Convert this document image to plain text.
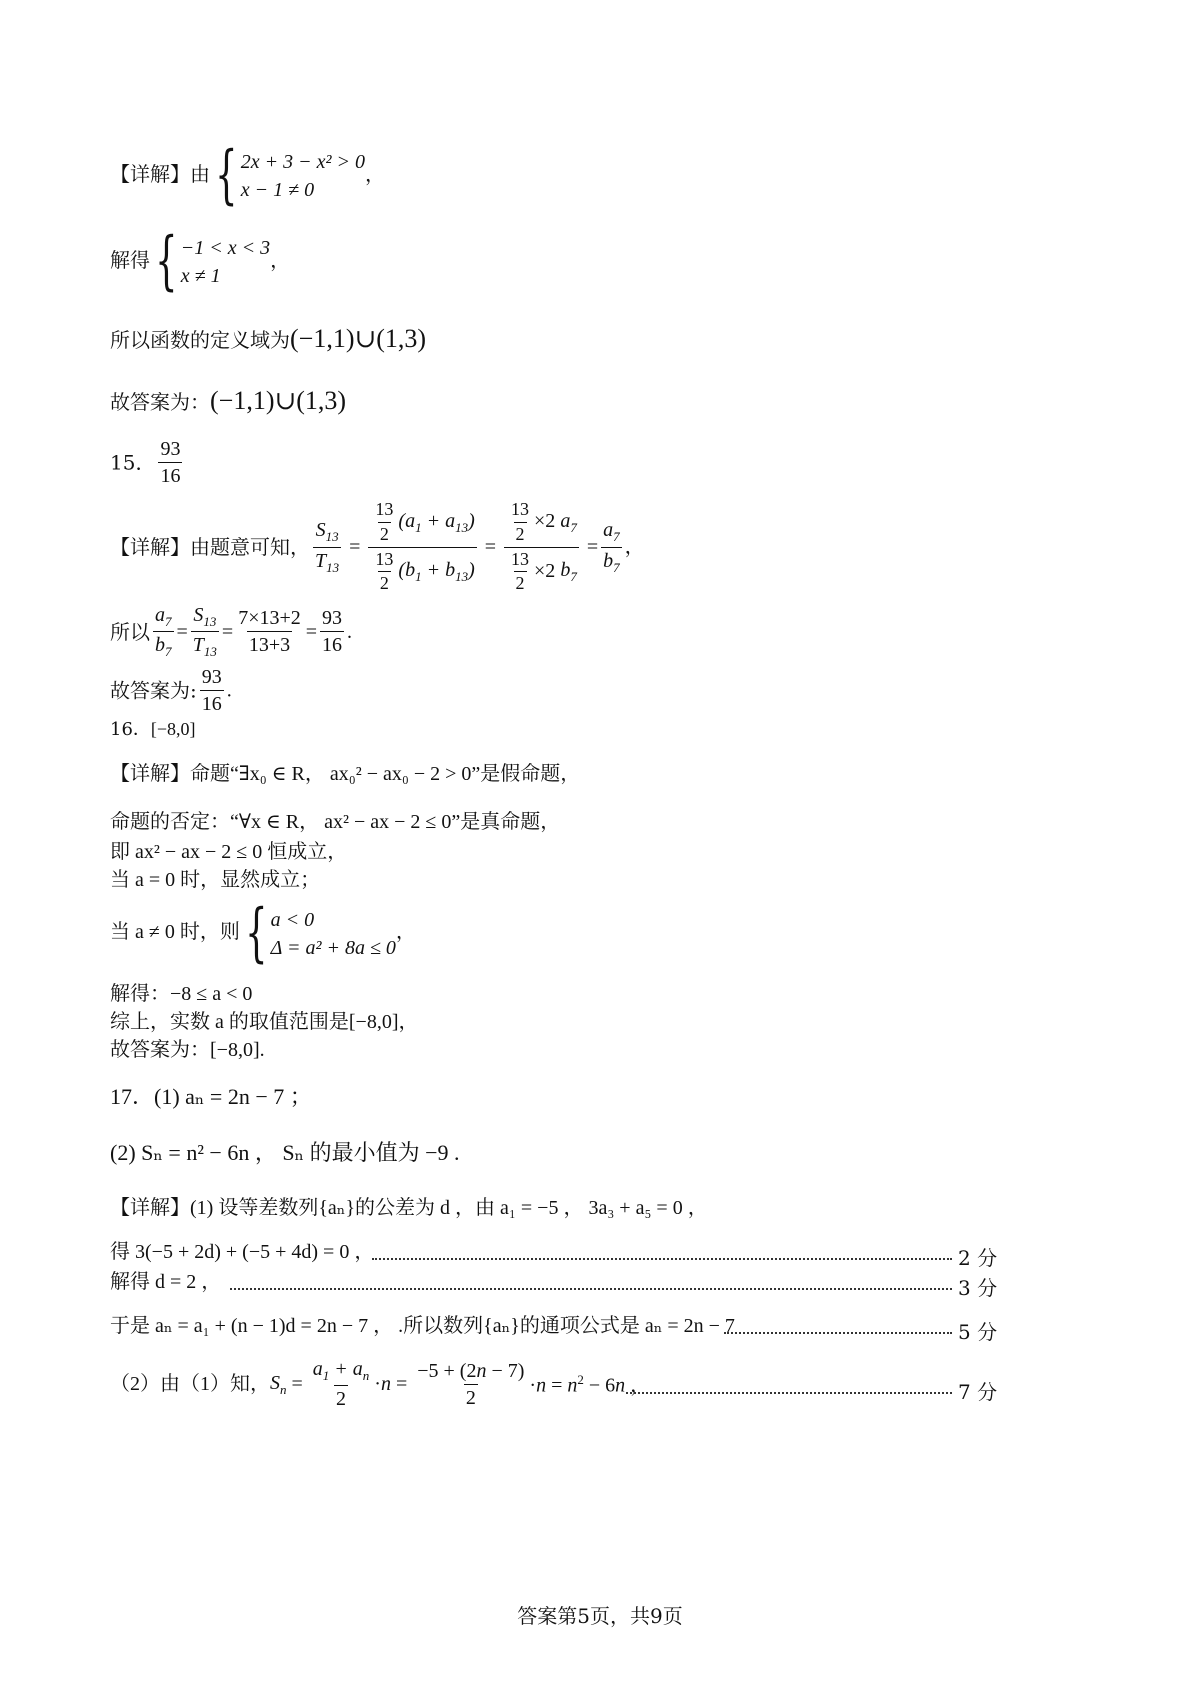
【详解】由 { 2x + 3 − x² > 0
x − 1 ≠ 0
，
解得 { −1 < x < 3
x ≠ 1
，
所以函数的定义域为(−1,1)∪(1,3)
故答案为：(−1,1)∪(1,3)
15． $\frac{93}{16}$
【详解】由题意可知， $\frac{S_{13}}{T_{13}} = \frac{\frac{13}{2} (a_1 + a_{13})}{\frac{13}{2} (b_1 + b_{13})} = \frac{\frac{13}{2} \times 2 a_7}{\frac{13}{2} \times 2 b_7} = \frac{a_7}{b_7}$ ，
所以 $\frac{a_7}{b_7} = \frac{S_{13}}{T_{13}} = \frac{7\times 13+2}{13+3} = \frac{93}{16}$ .
故答案为: $\frac{93}{16}$ .
16．[−8,0]
【详解】命题“∃x₀ ∈ R， ax₀² − ax₀ − 2 > 0”是假命题，
命题的否定：“∀x ∈ R， ax² − ax − 2 ≤ 0”是真命题，
即 ax² − ax − 2 ≤ 0 恒成立，
当 a = 0 时，显然成立；
当 a ≠ 0 时，则 { a < 0
Δ = a² + 8a ≤ 0
，
解得：−8 ≤ a < 0
综上，实数 a 的取值范围是[−8,0]，
故答案为：[−8,0].
17．(1) aₙ = 2n − 7 ；
(2) Sₙ = n² − 6n ， Sₙ 的最小值为 −9 .
【详解】(1) 设等差数列{aₙ}的公差为 d ，由 a₁ = −5 ， 3a₃ + a₅ = 0 ，
得 3(−5 + 2d) + (−5 + 4d) = 0 ，	2 分
解得 d = 2 ，	3 分
于是 aₙ = a₁ + (n − 1)d = 2n − 7 ， .所以数列{aₙ}的通项公式是 aₙ = 2n − 7	5 分
（2）由（1）知， $S_n = \frac{a_1 + a_n}{2} \cdot n = \frac{-5 + (2n - 7)}{2} \cdot n = n^2 - 6n$ ，	7 分
答案第5页，共9页
